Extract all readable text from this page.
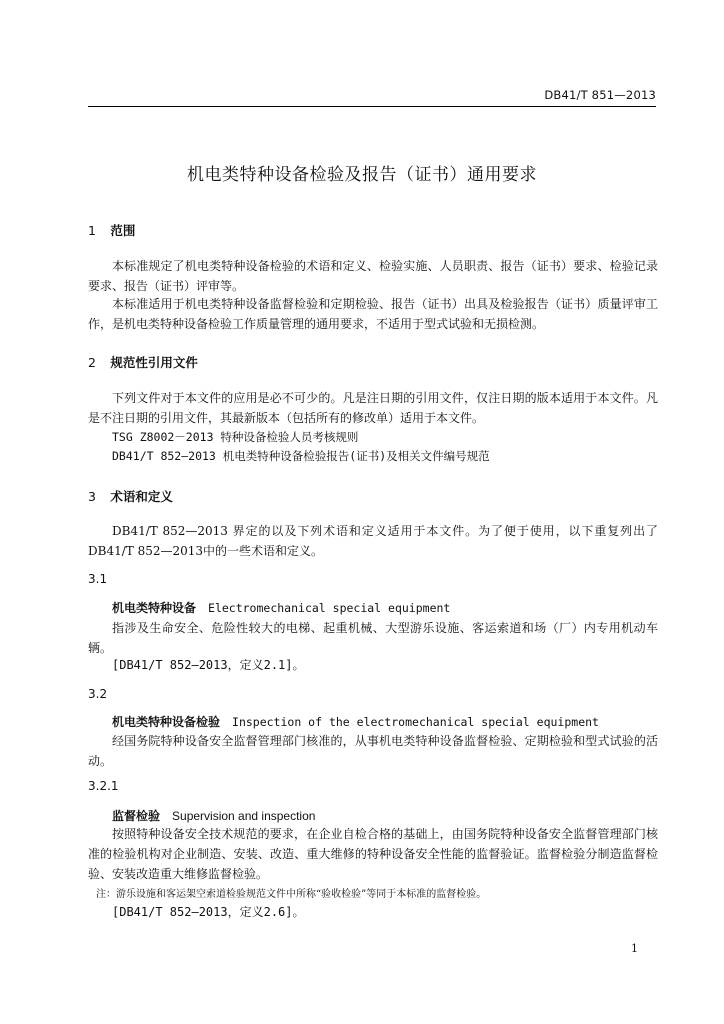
DB41/T 851—2013
机电类特种设备检验及报告（证书）通用要求
1 范围
本标准规定了机电类特种设备检验的术语和定义、检验实施、人员职责、报告（证书）要求、检验记录要求、报告（证书）评审等。
本标准适用于机电类特种设备监督检验和定期检验、报告（证书）出具及检验报告（证书）质量评审工作，是机电类特种设备检验工作质量管理的通用要求，不适用于型式试验和无损检测。
2 规范性引用文件
下列文件对于本文件的应用是必不可少的。凡是注日期的引用文件，仅注日期的版本适用于本文件。凡是不注日期的引用文件，其最新版本（包括所有的修改单）适用于本文件。
TSG Z8002－2013 特种设备检验人员考核规则
DB41/T 852—2013 机电类特种设备检验报告(证书)及相关文件编号规范
3 术语和定义
DB41/T 852—2013 界定的以及下列术语和定义适用于本文件。为了便于使用，以下重复列出了DB41/T 852—2013中的一些术语和定义。
3.1
机电类特种设备 Electromechanical special equipment
指涉及生命安全、危险性较大的电梯、起重机械、大型游乐设施、客运索道和场（厂）内专用机动车辆。
[DB41/T 852—2013，定义2.1]。
3.2
机电类特种设备检验 Inspection of the electromechanical special equipment
经国务院特种设备安全监督管理部门核准的，从事机电类特种设备监督检验、定期检验和型式试验的活动。
3.2.1
监督检验 Supervision and inspection
按照特种设备安全技术规范的要求，在企业自检合格的基础上，由国务院特种设备安全监督管理部门核准的检验机构对企业制造、安装、改造、重大维修的特种设备安全性能的监督验证。监督检验分制造监督检验、安装改造重大维修监督检验。
注：游乐设施和客运架空索道检验规范文件中所称“验收检验”等同于本标准的监督检验。
[DB41/T 852—2013，定义2.6]。
1
